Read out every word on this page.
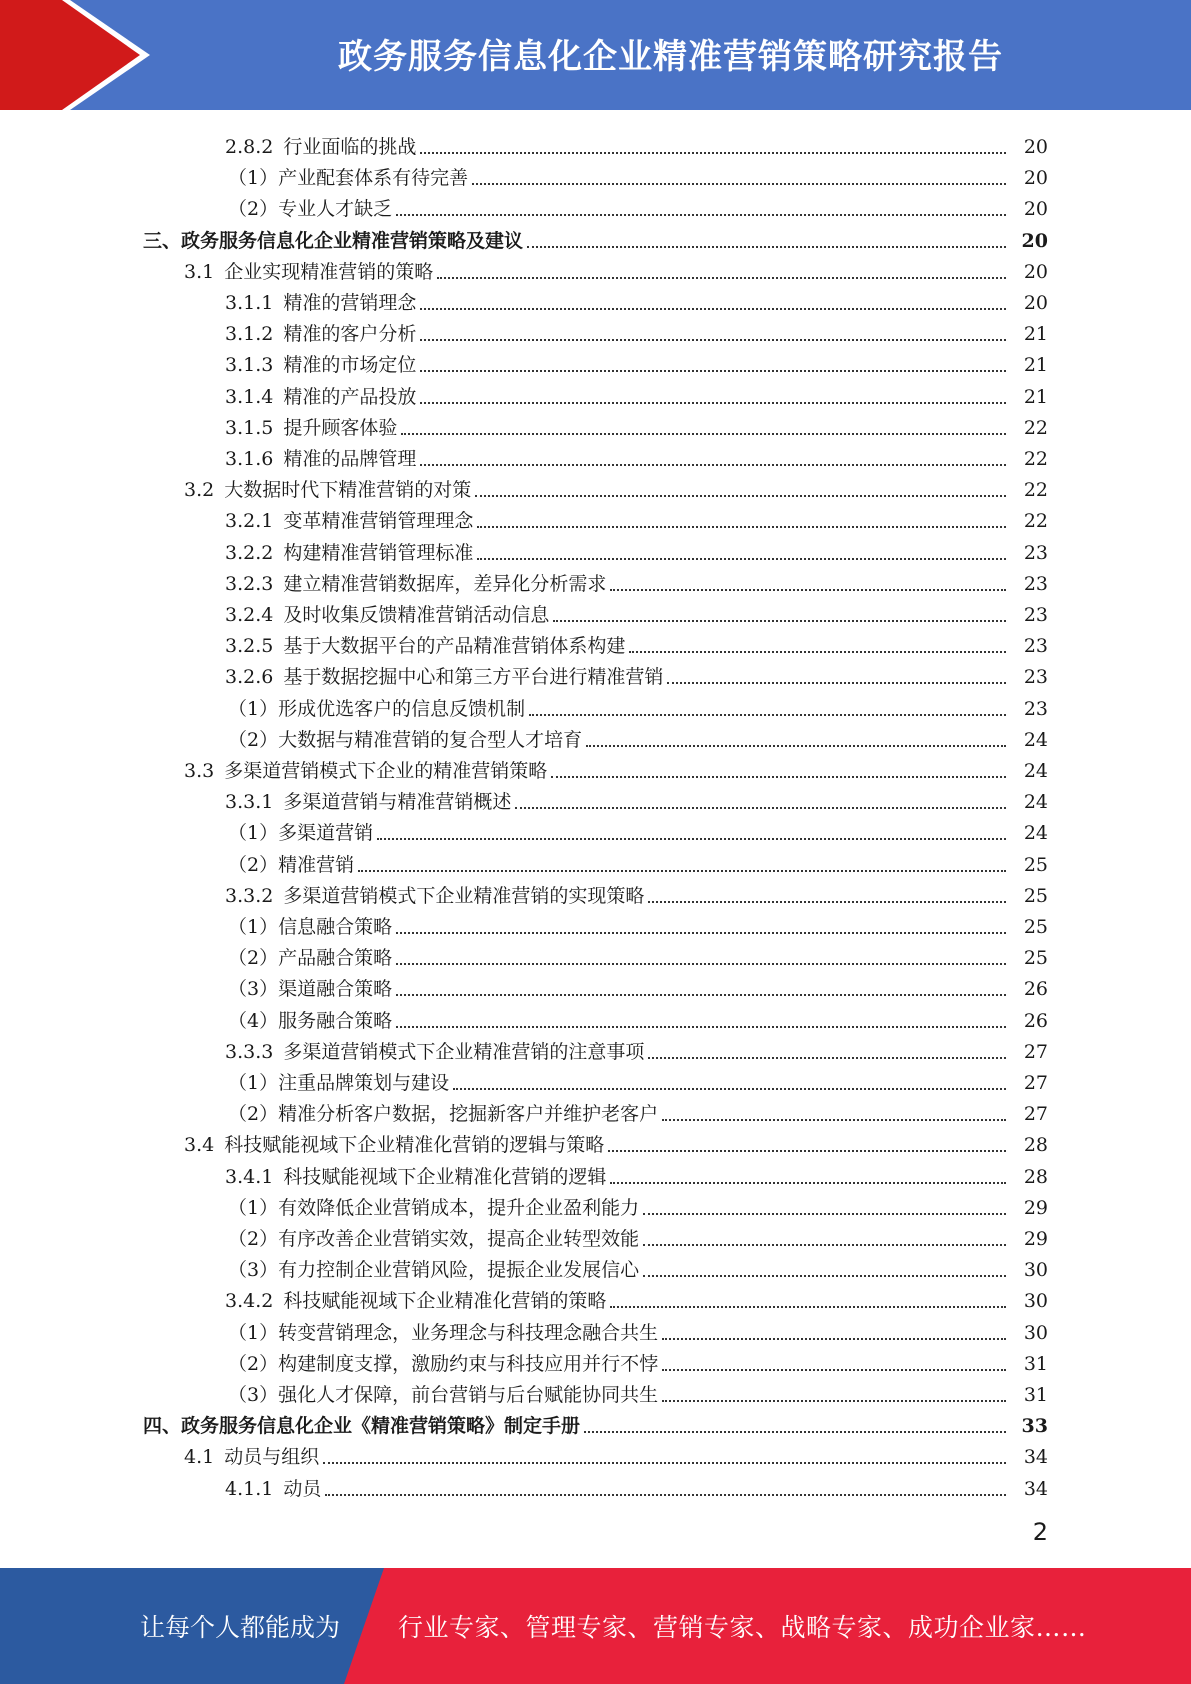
政务服务信息化企业精准营销策略研究报告
2.8.2 行业面临的挑战	20
（1） 产业配套体系有待完善	20
（2） 专业人才缺乏	20
三、 政务服务信息化企业精准营销策略及建议	20
3.1 企业实现精准营销的策略	20
3.1.1 精准的营销理念	20
3.1.2 精准的客户分析	21
3.1.3 精准的市场定位	21
3.1.4 精准的产品投放	21
3.1.5 提升顾客体验	22
3.1.6 精准的品牌管理	22
3.2 大数据时代下精准营销的对策	22
3.2.1 变革精准营销管理理念	22
3.2.2 构建精准营销管理标准	23
3.2.3 建立精准营销数据库，差异化分析需求	23
3.2.4 及时收集反馈精准营销活动信息	23
3.2.5 基于大数据平台的产品精准营销体系构建	23
3.2.6 基于数据挖掘中心和第三方平台进行精准营销	23
（1） 形成优选客户的信息反馈机制	23
（2） 大数据与精准营销的复合型人才培育	24
3.3 多渠道营销模式下企业的精准营销策略	24
3.3.1 多渠道营销与精准营销概述	24
（1） 多渠道营销	24
（2） 精准营销	25
3.3.2 多渠道营销模式下企业精准营销的实现策略	25
（1） 信息融合策略	25
（2） 产品融合策略	25
（3） 渠道融合策略	26
（4） 服务融合策略	26
3.3.3 多渠道营销模式下企业精准营销的注意事项	27
（1） 注重品牌策划与建设	27
（2） 精准分析客户数据，挖掘新客户并维护老客户	27
3.4 科技赋能视域下企业精准化营销的逻辑与策略	28
3.4.1 科技赋能视域下企业精准化营销的逻辑	28
（1） 有效降低企业营销成本，提升企业盈利能力	29
（2） 有序改善企业营销实效，提高企业转型效能	29
（3） 有力控制企业营销风险，提振企业发展信心	30
3.4.2 科技赋能视域下企业精准化营销的策略	30
（1） 转变营销理念，业务理念与科技理念融合共生	30
（2） 构建制度支撑，激励约束与科技应用并行不悖	31
（3） 强化人才保障，前台营销与后台赋能协同共生	31
四、 政务服务信息化企业《精准营销策略》制定手册	33
4.1 动员与组织	34
4.1.1 动员	34
2
让每个人都能成为 行业专家、管理专家、营销专家、战略专家、成功企业家……
